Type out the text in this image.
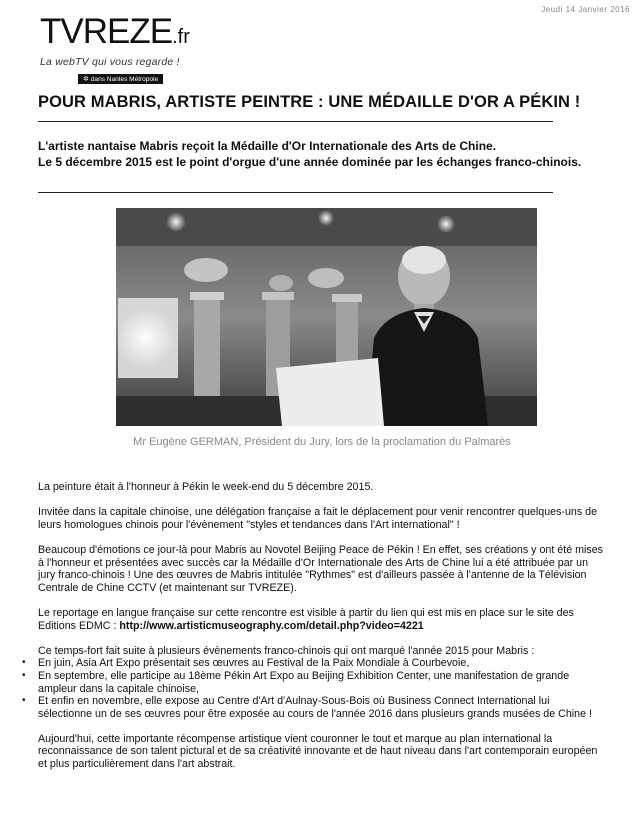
Jeudi 14 Janvier 2016
TVREZE.fr
La webTV qui vous regarde !
✲ dans Nantes Métropole
POUR MABRIS, ARTISTE PEINTRE : UNE MÉDAILLE D'OR A PÉKIN !
L'artiste nantaise Mabris reçoit la Médaille d'Or Internationale des Arts de Chine.
Le 5 décembre 2015 est le point d'orgue d'une année dominée par les échanges franco-chinois.

Mr Eugène GERMAN, Président du Jury, lors de la proclamation du Palmarès

La peinture était à l'honneur à Pékin le week-end du 5 décembre 2015.

Invitée dans la capitale chinoise, une délégation française a fait le déplacement pour venir rencontrer quelques-uns de leurs homologues chinois pour l'évènement "styles et tendances dans l'Art international" !

Beaucoup d'émotions ce jour-là pour Mabris au Novotel Beijing Peace de Pékin ! En effet, ses créations y ont été mises à l'honneur et présentées avec succès car la Médaille d'Or Internationale des Arts de Chine lui a été attribuée par un jury franco-chinois ! Une des œuvres de Mabris intitulée "Rythmes" est d'ailleurs passée à l'antenne de la Télévision Centrale de Chine CCTV (et maintenant sur TVREZE).

Le reportage en langue française sur cette rencontre est visible à partir du lien qui est mis en place sur le site des Editions EDMC : http://www.artisticmuseography.com/detail.php?video=4221

Ce temps-fort fait suite à plusieurs évènements franco-chinois qui ont marqué l'année 2015 pour Mabris :

• En juin, Asia Art Expo présentait ses œuvres au Festival de la Paix Mondiale à Courbevoie,
• En septembre, elle participe au 18ème Pékin Art Expo au Beijing Exhibition Center, une manifestation de grande ampleur dans la capitale chinoise,
• Et enfin en novembre, elle expose au Centre d'Art d'Aulnay-Sous-Bois où Business Connect International lui sélectionne un de ses œuvres pour être exposée au cours de l'année 2016 dans plusieurs grands musées de Chine !

Aujourd'hui, cette importante récompense artistique vient couronner le tout et marque au plan international la reconnaissance de son talent pictural et de sa créativité innovante et de haut niveau dans l'art contemporain européen et plus particulièrement dans l'art abstrait.
